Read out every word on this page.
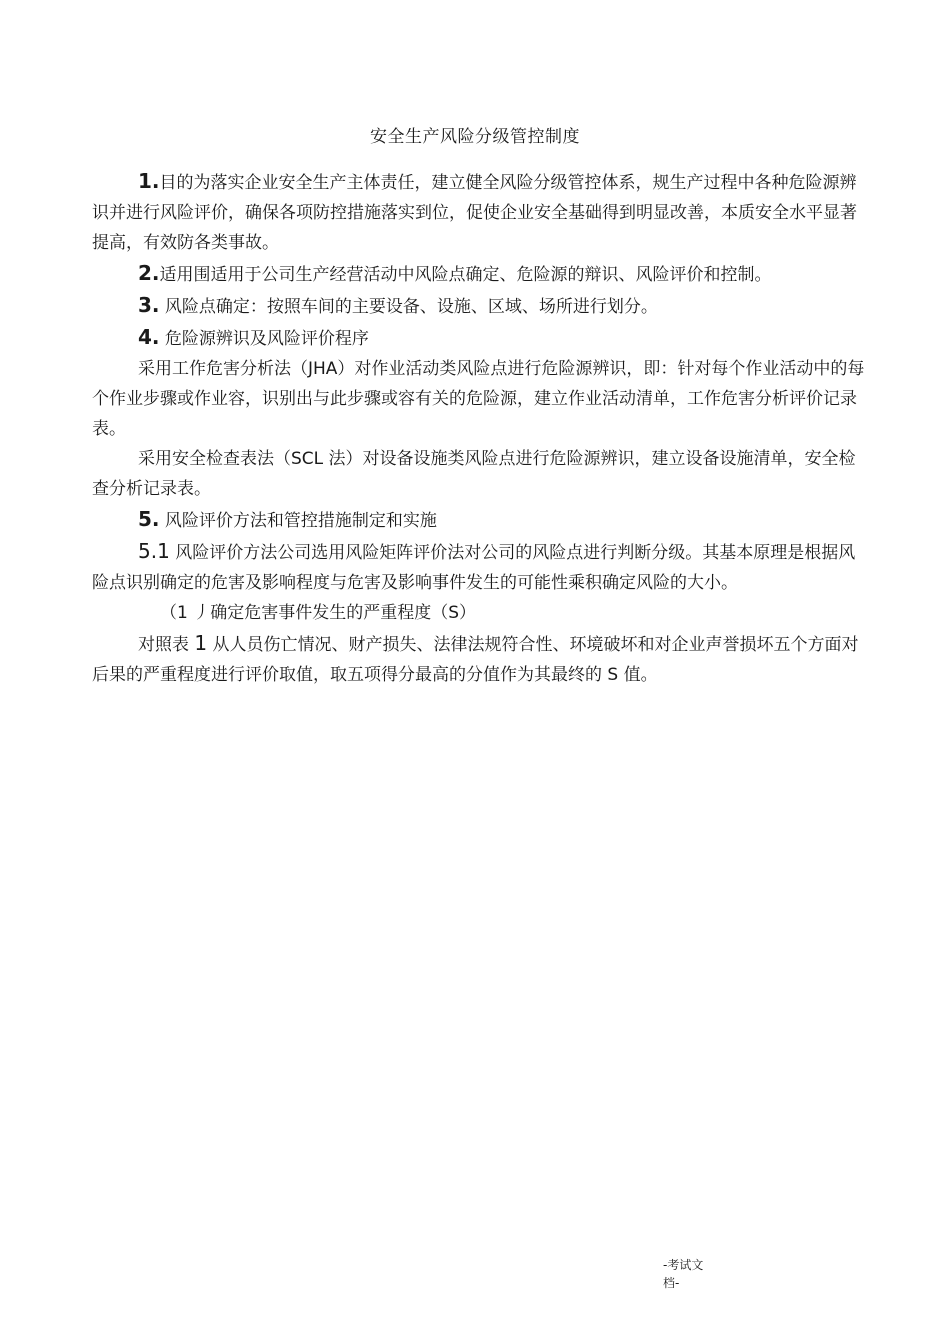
安全生产风险分级管控制度

1.目的为落实企业安全生产主体责任，建立健全风险分级管控体系，规生产过程中各种危险源辨识并进行风险评价，确保各项防控措施落实到位，促使企业安全基础得到明显改善，本质安全水平显著提高，有效防各类事故。

2.适用围适用于公司生产经营活动中风险点确定、危险源的辩识、风险评价和控制。

3. 风险点确定：按照车间的主要设备、设施、区域、场所进行划分。

4. 危险源辨识及风险评价程序

采用工作危害分析法（JHA）对作业活动类风险点进行危险源辨识，即：针对每个作业活动中的每个作业步骤或作业容，识别出与此步骤或容有关的危险源，建立作业活动清单，工作危害分析评价记录表。

采用安全检查表法（SCL 法）对设备设施类风险点进行危险源辨识，建立设备设施清单，安全检查分析记录表。

5. 风险评价方法和管控措施制定和实施

5.1 风险评价方法公司选用风险矩阵评价法对公司的风险点进行判断分级。其基本原理是根据风险点识别确定的危害及影响程度与危害及影响事件发生的可能性乘积确定风险的大小。

（1 丿确定危害事件发生的严重程度（S）

对照表 1 从人员伤亡情况、财产损失、法律法规符合性、环境破坏和对企业声誉损坏五个方面对后果的严重程度进行评价取值，取五项得分最高的分值作为其最终的 S 值。

-考试文
档-
